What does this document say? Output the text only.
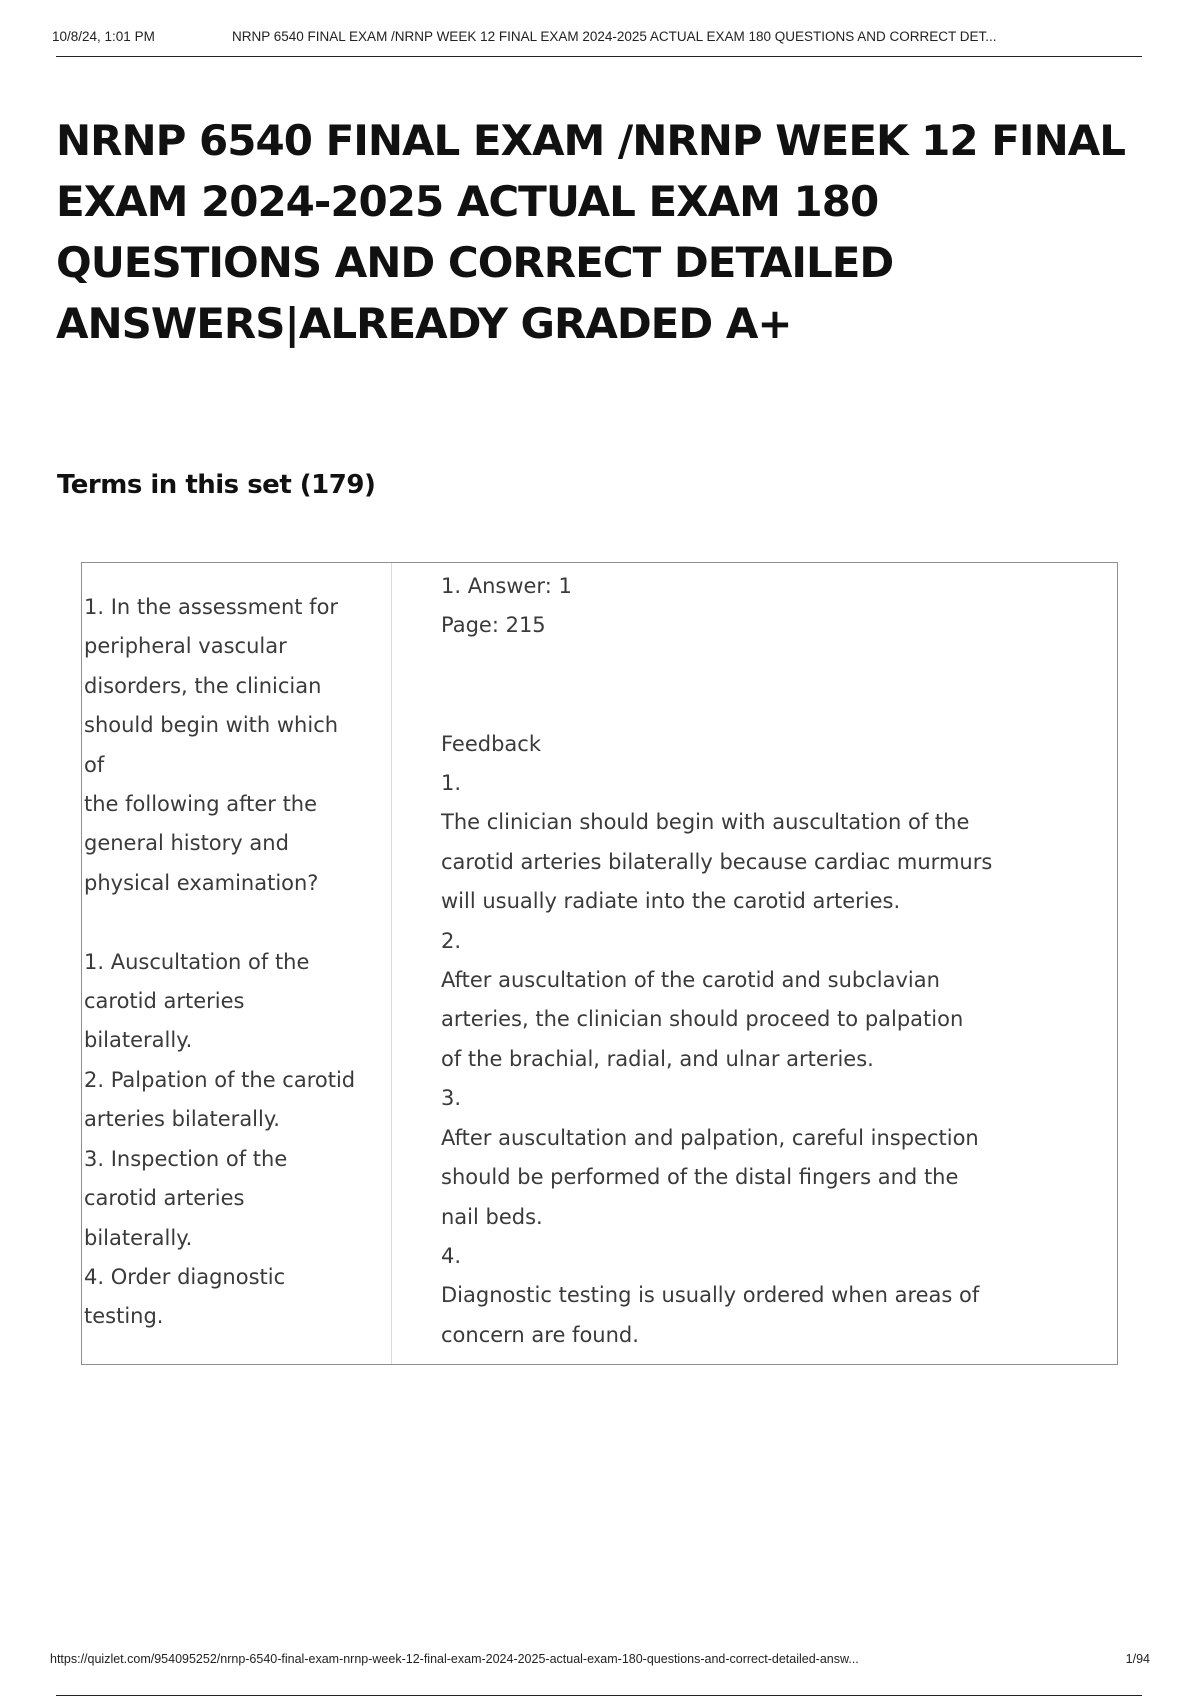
10/8/24, 1:01 PM	NRNP 6540 FINAL EXAM /NRNP WEEK 12 FINAL EXAM 2024-2025 ACTUAL EXAM 180 QUESTIONS AND CORRECT DET...
NRNP 6540 FINAL EXAM /NRNP WEEK 12 FINAL EXAM 2024-2025 ACTUAL EXAM 180 QUESTIONS AND CORRECT DETAILED ANSWERS|ALREADY GRADED A+
Terms in this set (179)
1. In the assessment for
peripheral vascular
disorders, the clinician
should begin with which
of
the following after the
general history and
physical examination?

1. Auscultation of the
carotid arteries
bilaterally.
2. Palpation of the carotid
arteries bilaterally.
3. Inspection of the
carotid arteries
bilaterally.
4. Order diagnostic
testing.
1. Answer: 1
Page: 215

Feedback
1.
The clinician should begin with auscultation of the
carotid arteries bilaterally because cardiac murmurs
will usually radiate into the carotid arteries.
2.
After auscultation of the carotid and subclavian
arteries, the clinician should proceed to palpation
of the brachial, radial, and ulnar arteries.
3.
After auscultation and palpation, careful inspection
should be performed of the distal fingers and the
nail beds.
4.
Diagnostic testing is usually ordered when areas of
concern are found.
https://quizlet.com/954095252/nrnp-6540-final-exam-nrnp-week-12-final-exam-2024-2025-actual-exam-180-questions-and-correct-detailed-answ...	1/94
